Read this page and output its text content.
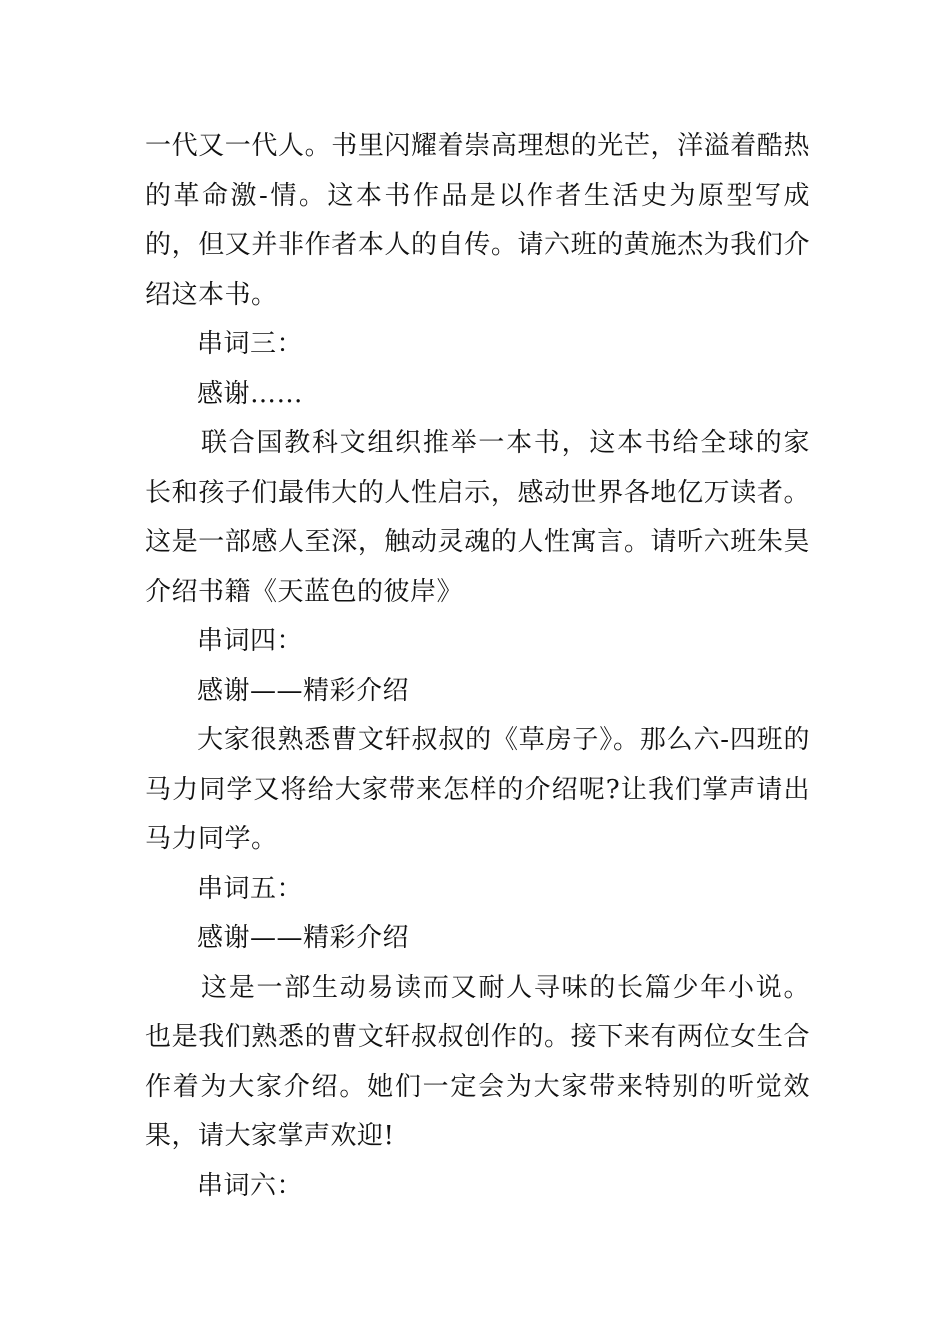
一代又一代人。书里闪耀着崇高理想的光芒，洋溢着酷热的革命激-情。这本书作品是以作者生活史为原型写成的，但又并非作者本人的自传。请六班的黄施杰为我们介绍这本书。

串词三：

感谢……

联合国教科文组织推举一本书，这本书给全球的家长和孩子们最伟大的人性启示，感动世界各地亿万读者。这是一部感人至深，触动灵魂的人性寓言。请听六班朱昊介绍书籍《天蓝色的彼岸》

串词四：

感谢——精彩介绍

大家很熟悉曹文轩叔叔的《草房子》。那么六-四班的马力同学又将给大家带来怎样的介绍呢?让我们掌声请出马力同学。

串词五：

感谢——精彩介绍

这是一部生动易读而又耐人寻味的长篇少年小说。也是我们熟悉的曹文轩叔叔创作的。接下来有两位女生合作着为大家介绍。她们一定会为大家带来特别的听觉效果，请大家掌声欢迎!

串词六：
